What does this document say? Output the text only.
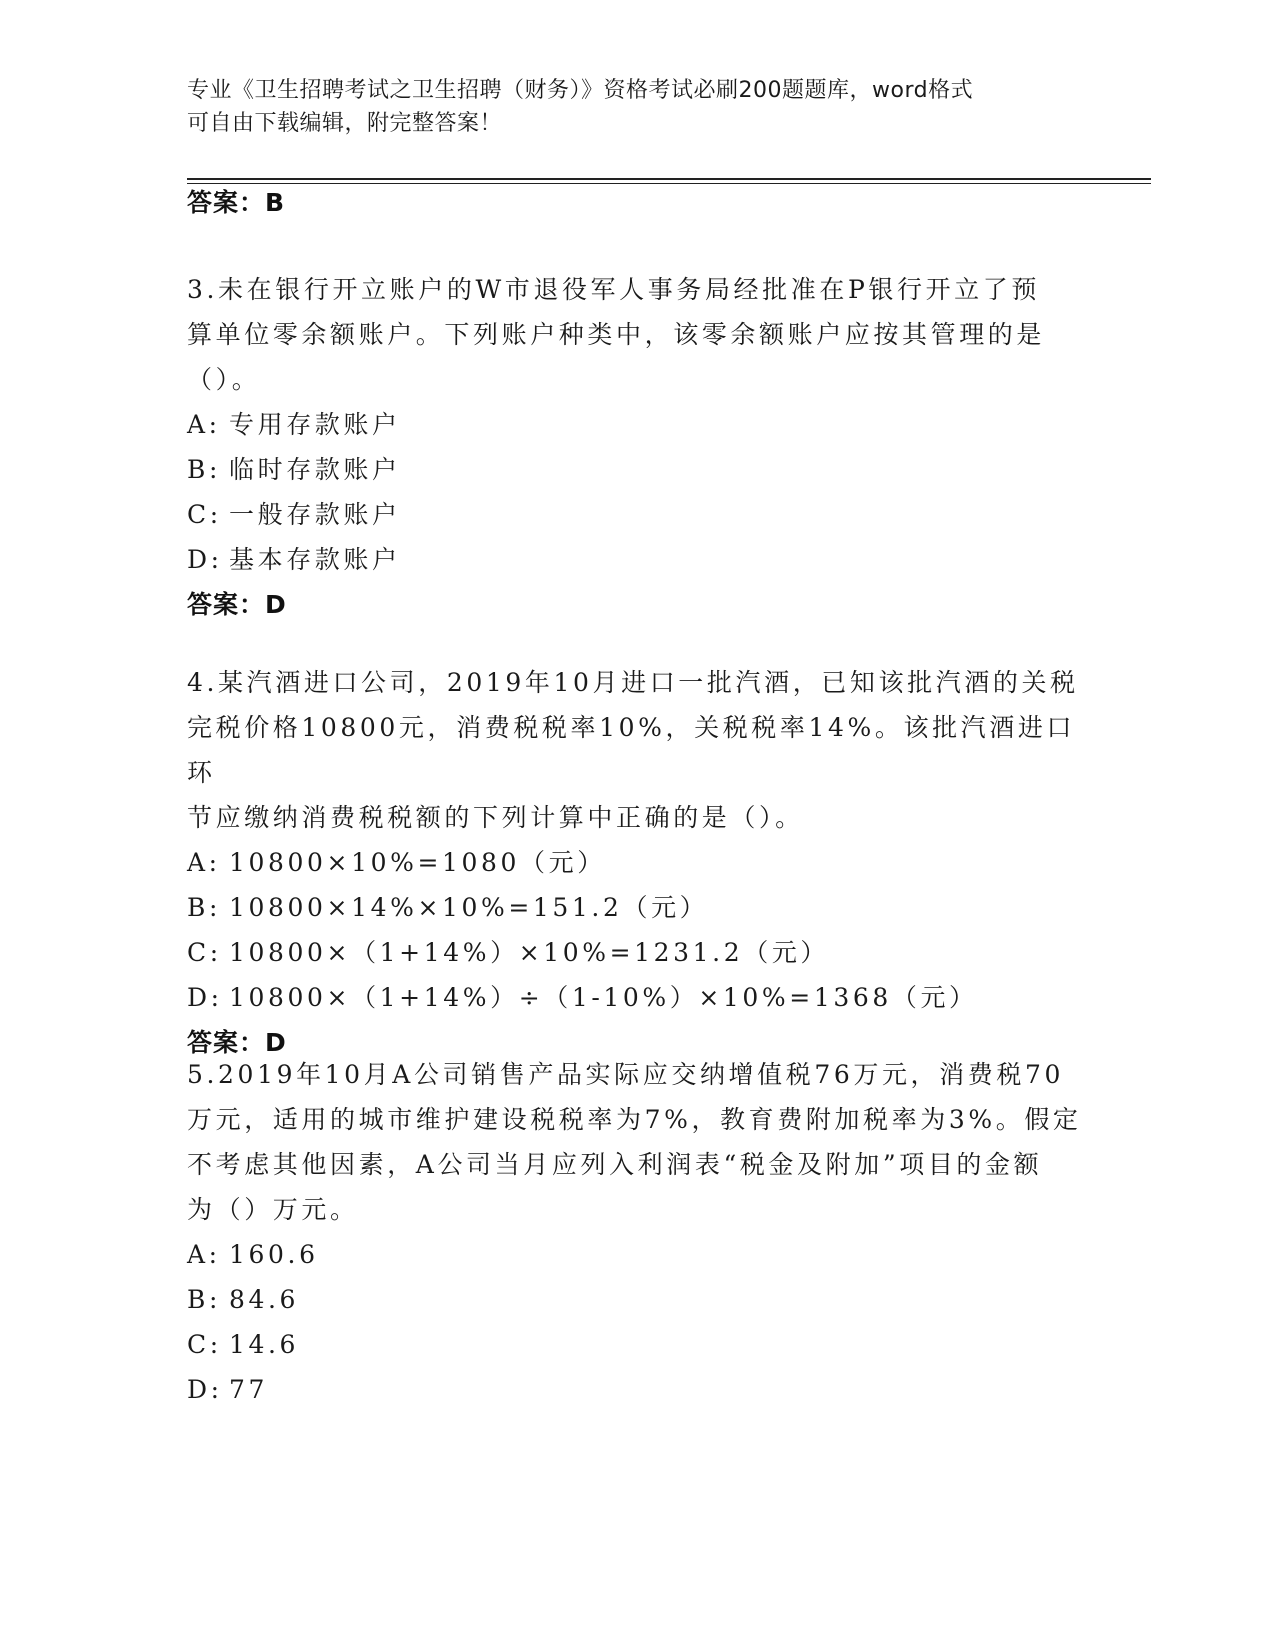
专业《卫生招聘考试之卫生招聘（财务）》资格考试必刷200题题库，word格式
可自由下载编辑，附完整答案！
答案：B
3.未在银行开立账户的W市退役军人事务局经批准在P银行开立了预
算单位零余额账户。下列账户种类中，该零余额账户应按其管理的是
（）。
A: 专用存款账户
B: 临时存款账户
C: 一般存款账户
D: 基本存款账户
答案：D
4.某汽酒进口公司，2019年10月进口一批汽酒，已知该批汽酒的关税
完税价格10800元，消费税税率10%，关税税率14%。该批汽酒进口环
节应缴纳消费税税额的下列计算中正确的是（）。
A: 10800×10%=1080（元）
B: 10800×14%×10%=151.2（元）
C: 10800×（1+14%）×10%=1231.2（元）
D: 10800×（1+14%）÷（1-10%）×10%=1368（元）
答案：D
5.2019年10月A公司销售产品实际应交纳增值税76万元，消费税70
万元，适用的城市维护建设税税率为7%，教育费附加税率为3%。假定
不考虑其他因素，A公司当月应列入利润表“税金及附加”项目的金额
为（）万元。
A: 160.6
B: 84.6
C: 14.6
D: 77
